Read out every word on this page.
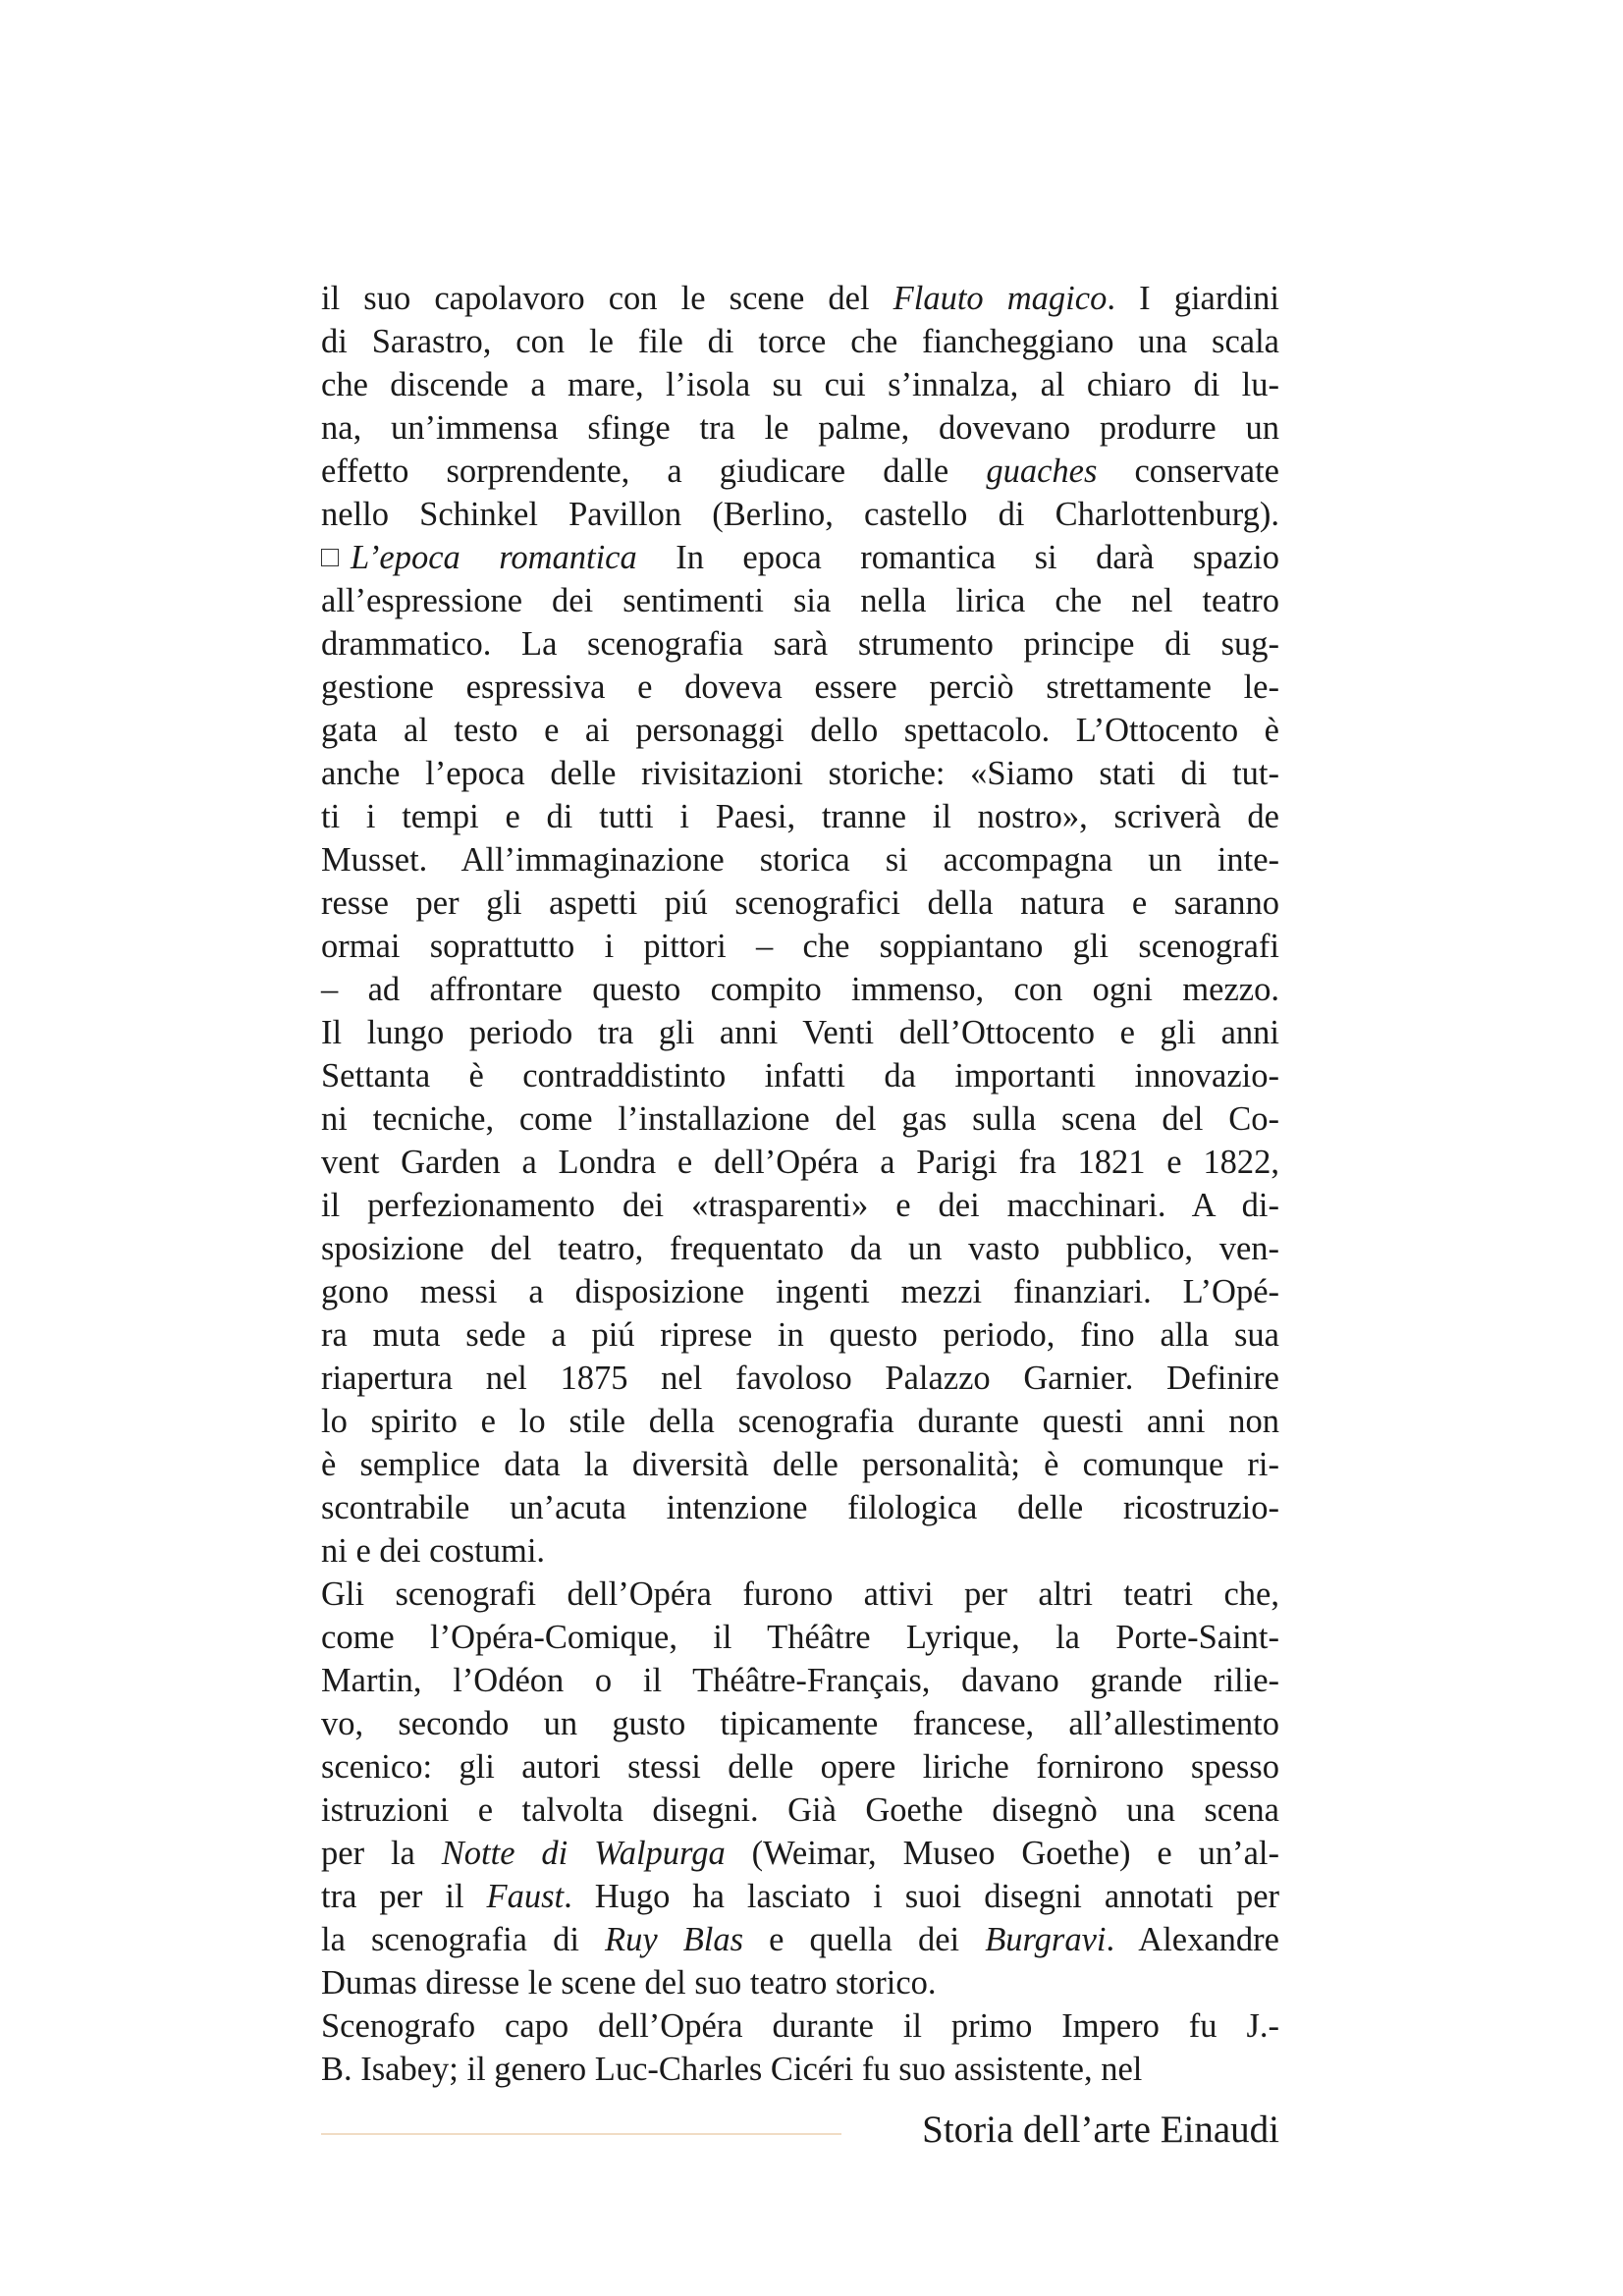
il suo capolavoro con le scene del Flauto magico. I giardini
di Sarastro, con le file di torce che fiancheggiano una scala
che discende a mare, l’isola su cui s’innalza, al chiaro di lu-
na, un’immensa sfinge tra le palme, dovevano produrre un
effetto sorprendente, a giudicare dalle guaches conservate
nello Schinkel Pavillon (Berlino, castello di Charlottenburg).
L’epoca romantica In epoca romantica si darà spazio
all’espressione dei sentimenti sia nella lirica che nel teatro
drammatico. La scenografia sarà strumento principe di sug-
gestione espressiva e doveva essere perciò strettamente le-
gata al testo e ai personaggi dello spettacolo. L’Ottocento è
anche l’epoca delle rivisitazioni storiche: «Siamo stati di tut-
ti i tempi e di tutti i Paesi, tranne il nostro», scriverà de
Musset. All’immaginazione storica si accompagna un inte-
resse per gli aspetti piú scenografici della natura e saranno
ormai soprattutto i pittori – che soppiantano gli scenografi
– ad affrontare questo compito immenso, con ogni mezzo.
Il lungo periodo tra gli anni Venti dell’Ottocento e gli anni
Settanta è contraddistinto infatti da importanti innovazio-
ni tecniche, come l’installazione del gas sulla scena del Co-
vent Garden a Londra e dell’Opéra a Parigi fra 1821 e 1822,
il perfezionamento dei «trasparenti» e dei macchinari. A di-
sposizione del teatro, frequentato da un vasto pubblico, ven-
gono messi a disposizione ingenti mezzi finanziari. L’Opé-
ra muta sede a piú riprese in questo periodo, fino alla sua
riapertura nel 1875 nel favoloso Palazzo Garnier. Definire
lo spirito e lo stile della scenografia durante questi anni non
è semplice data la diversità delle personalità; è comunque ri-
scontrabile un’acuta intenzione filologica delle ricostruzio-
ni e dei costumi.
Gli scenografi dell’Opéra furono attivi per altri teatri che,
come l’Opéra-Comique, il Théâtre Lyrique, la Porte-Saint-
Martin, l’Odéon o il Théâtre-Français, davano grande rilie-
vo, secondo un gusto tipicamente francese, all’allestimento
scenico: gli autori stessi delle opere liriche fornirono spesso
istruzioni e talvolta disegni. Già Goethe disegnò una scena
per la Notte di Walpurga (Weimar, Museo Goethe) e un’al-
tra per il Faust. Hugo ha lasciato i suoi disegni annotati per
la scenografia di Ruy Blas e quella dei Burgravi. Alexandre
Dumas diresse le scene del suo teatro storico.
Scenografo capo dell’Opéra durante il primo Impero fu J.-
B. Isabey; il genero Luc-Charles Cicéri fu suo assistente, nel
Storia dell’arte Einaudi
